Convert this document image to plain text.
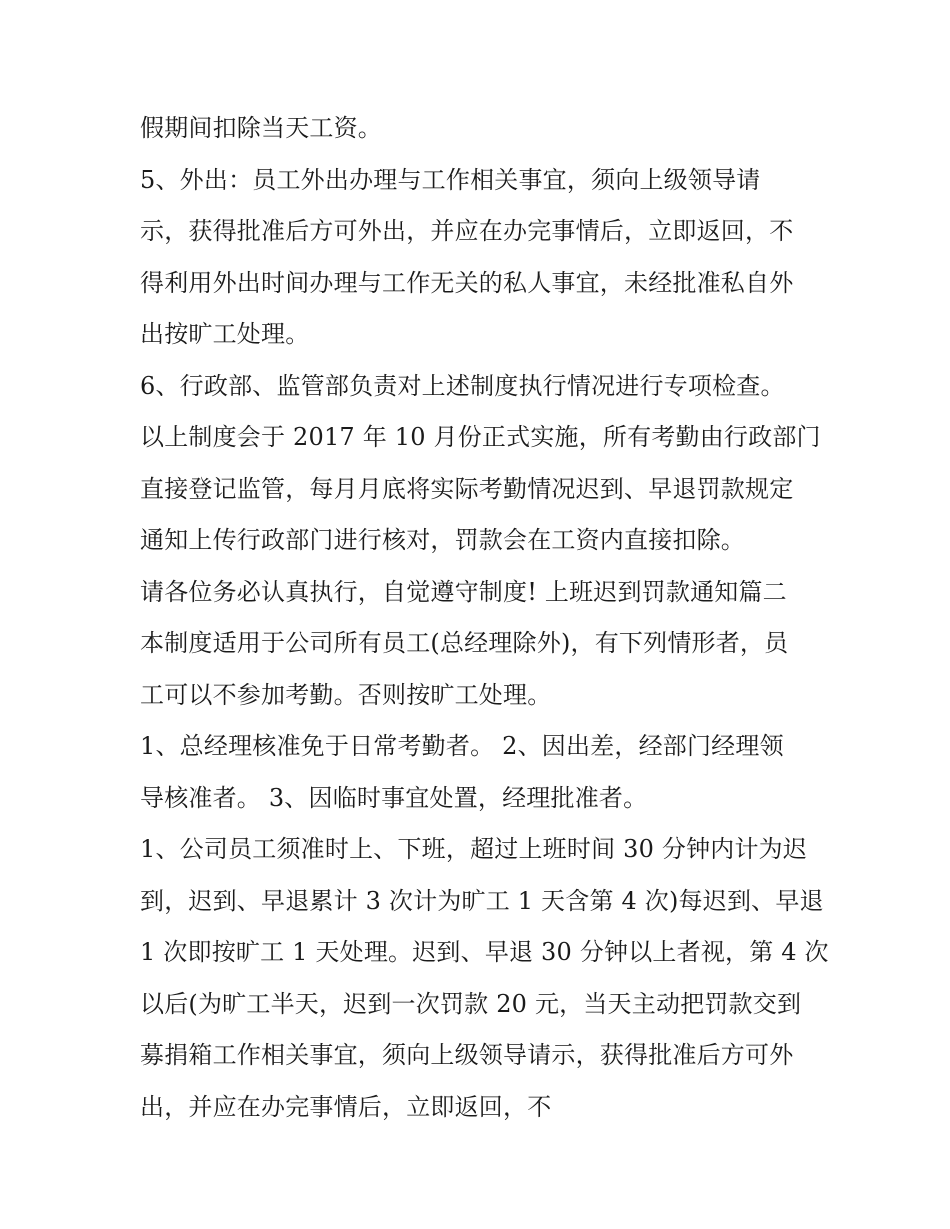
假期间扣除当天工资。
5、外出：员工外出办理与工作相关事宜，须向上级领导请
示，获得批准后方可外出，并应在办完事情后，立即返回，不
得利用外出时间办理与工作无关的私人事宜，未经批准私自外
出按旷工处理。
6、行政部、监管部负责对上述制度执行情况进行专项检查。
以上制度会于 2017 年 10 月份正式实施，所有考勤由行政部门
直接登记监管，每月月底将实际考勤情况迟到、早退罚款规定
通知上传行政部门进行核对，罚款会在工资内直接扣除。
请各位务必认真执行，自觉遵守制度! 上班迟到罚款通知篇二
本制度适用于公司所有员工(总经理除外)，有下列情形者，员
工可以不参加考勤。否则按旷工处理。
1、总经理核准免于日常考勤者。 2、因出差，经部门经理领
导核准者。 3、因临时事宜处置，经理批准者。
1、公司员工须准时上、下班，超过上班时间 30 分钟内计为迟
到，迟到、早退累计 3 次计为旷工 1 天含第 4 次)每迟到、早退
1 次即按旷工 1 天处理。迟到、早退 30 分钟以上者视，第 4 次
以后(为旷工半天，迟到一次罚款 20 元，当天主动把罚款交到
募捐箱工作相关事宜，须向上级领导请示，获得批准后方可外
出，并应在办完事情后，立即返回，不
